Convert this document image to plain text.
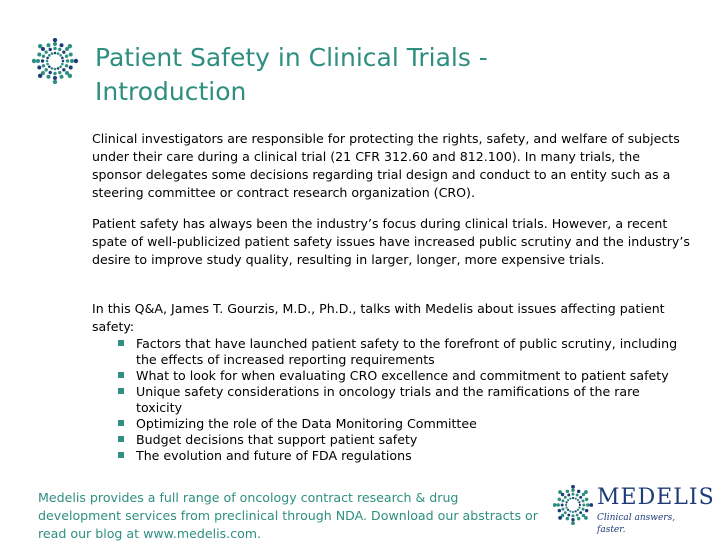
Patient Safety in Clinical Trials -
Introduction

Clinical investigators are responsible for protecting the rights, safety, and welfare of subjects under their care during a clinical trial (21 CFR 312.60 and 812.100). In many trials, the sponsor delegates some decisions regarding trial design and conduct to an entity such as a steering committee or contract research organization (CRO).

Patient safety has always been the industry’s focus during clinical trials. However, a recent spate of well-publicized patient safety issues have increased public scrutiny and the industry’s desire to improve study quality, resulting in larger, longer, more expensive trials.

In this Q&A, James T. Gourzis, M.D., Ph.D., talks with Medelis about issues affecting patient safety:

Factors that have launched patient safety to the forefront of public scrutiny, including the effects of increased reporting requirements
What to look for when evaluating CRO excellence and commitment to patient safety
Unique safety considerations in oncology trials and the ramifications of the rare toxicity
Optimizing the role of the Data Monitoring Committee
Budget decisions that support patient safety
The evolution and future of FDA regulations

Medelis provides a full range of oncology contract research & drug development services from preclinical through NDA. Download our abstracts or read our blog at www.medelis.com.

MEDELIS
Clinical answers, faster.
